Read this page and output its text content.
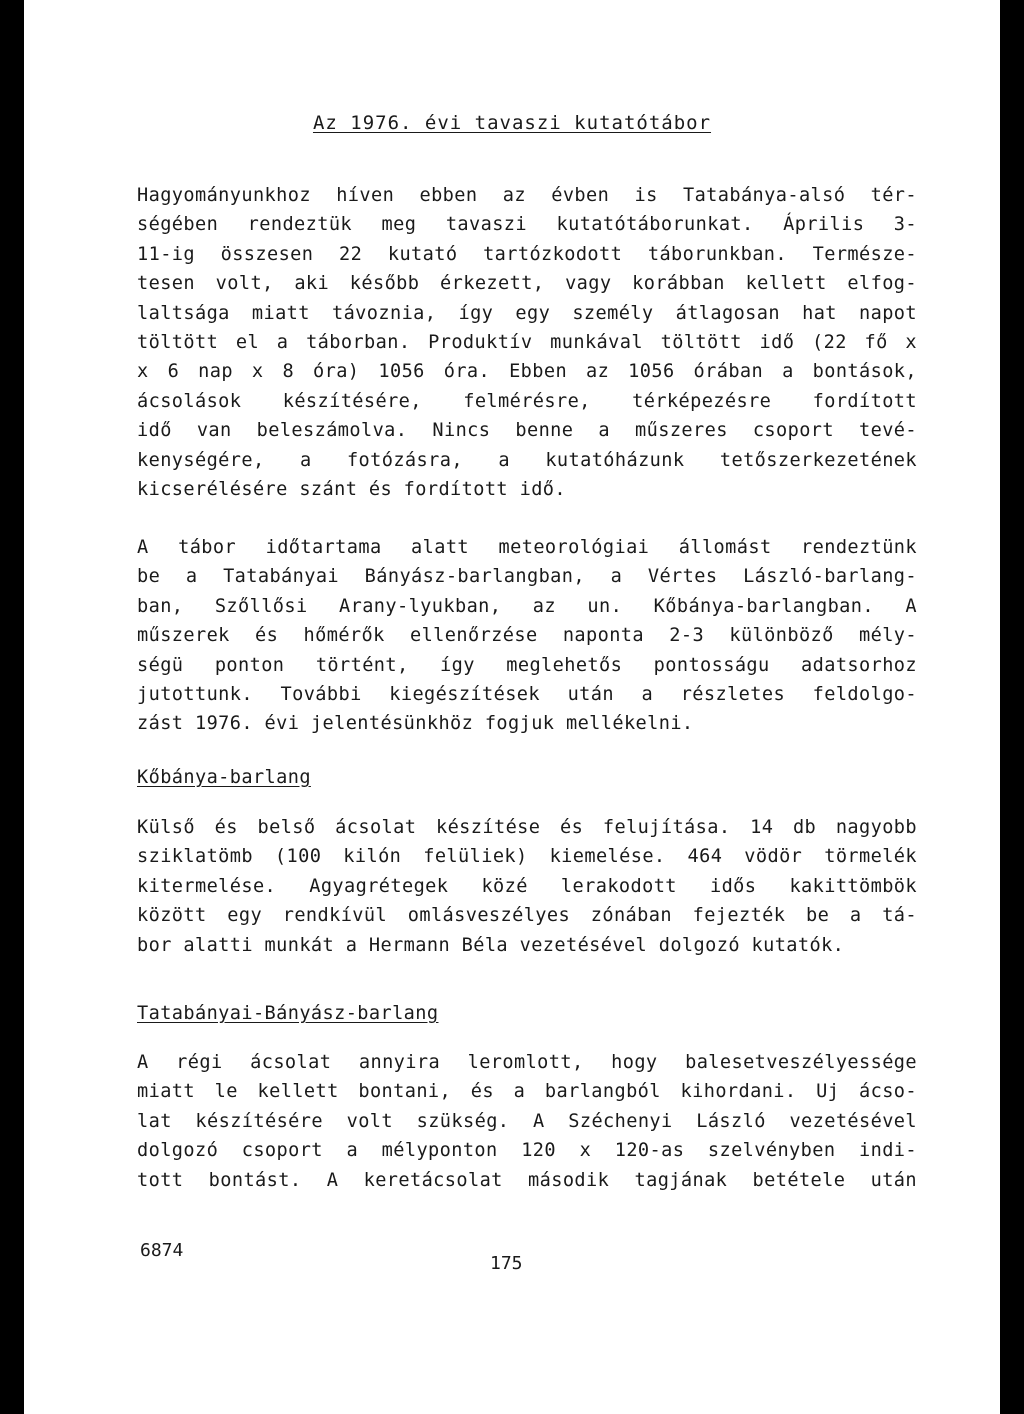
Az 1976. évi tavaszi kutatótábor
Hagyományunkhoz híven ebben az évben is Tatabánya-alsó tér-
ségében rendeztük meg tavaszi kutatótáborunkat. Április 3-
11-ig összesen 22 kutató tartózkodott táborunkban. Természe-
tesen volt, aki később érkezett, vagy korábban kellett elfog-
laltsága miatt távoznia, így egy személy átlagosan hat napot
töltött el a táborban. Produktív munkával töltött idő (22 fő x
x 6 nap x 8 óra) 1056 óra. Ebben az 1056 órában a bontások,
ácsolások készítésére, felmérésre, térképezésre fordított
idő van beleszámolva. Nincs benne a műszeres csoport tevé-
kenységére, a fotózásra, a kutatóházunk tetőszerkezetének
kicserélésére szánt és fordított idő.
A tábor időtartama alatt meteorológiai állomást rendeztünk
be a Tatabányai Bányász-barlangban, a Vértes László-barlang-
ban, Szőllősi Arany-lyukban, az un. Kőbánya-barlangban. A
műszerek és hőmérők ellenőrzése naponta 2-3 különböző mély-
ségü ponton történt, így meglehetős pontosságu adatsorhoz
jutottunk. További kiegészítések után a részletes feldolgo-
zást 1976. évi jelentésünkhöz fogjuk mellékelni.
Kőbánya-barlang
Külső és belső ácsolat készítése és felujítása. 14 db nagyobb
sziklatömb (100 kilón felüliek) kiemelése. 464 vödör törmelék
kitermelése. Agyagrétegek közé lerakodott idős kakittömbök
között egy rendkívül omlásveszélyes zónában fejezték be a tá-
bor alatti munkát a Hermann Béla vezetésével dolgozó kutatók.
Tatabányai-Bányász-barlang
A régi ácsolat annyira leromlott, hogy balesetveszélyessége
miatt le kellett bontani, és a barlangból kihordani. Uj ácso-
lat készítésére volt szükség. A Széchenyi László vezetésével
dolgozó csoport a mélyponton 120 x 120-as szelvényben indi-
tott bontást. A keretácsolat második tagjának betétele után
6874
175
